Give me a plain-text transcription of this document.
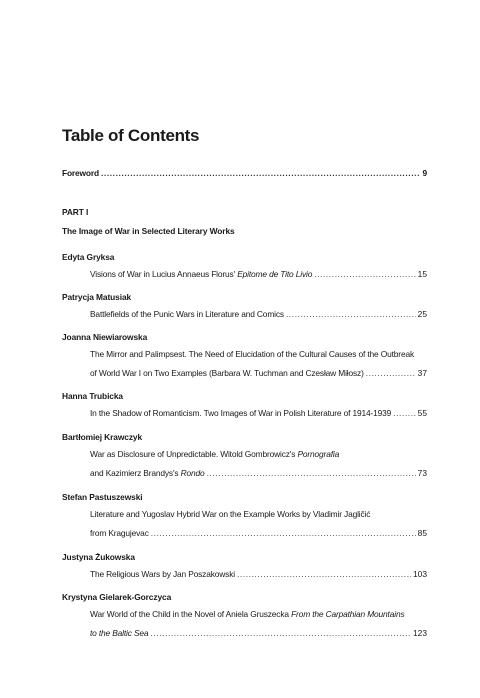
Table of Contents
Foreword .....	9
PART I
The Image of War in Selected Literary Works
Edyta Gryksa
Visions of War in Lucius Annaeus Florus' Epitome de Tito Livio .....	15
Patrycja Matusiak
Battlefields of the Punic Wars in Literature and Comics .....	25
Joanna Niewiarowska
The Mirror and Palimpsest. The Need of Elucidation of the Cultural Causes of the Outbreak
of World War I on Two Examples (Barbara W. Tuchman and Czesław Miłosz) .....	37
Hanna Trubicka
In the Shadow of Romanticism. Two Images of War in Polish Literature of 1914-1939 .....	55
Bartłomiej Krawczyk
War as Disclosure of Unpredictable. Witold Gombrowicz's Pornografia
and Kazimierz Brandys's Rondo .....	73
Stefan Pastuszewski
Literature and Yugoslav Hybrid War on the Example Works by Vladimir Jagličić
from Kragujevac .....	85
Justyna Żukowska
The Religious Wars by Jan Poszakowski .....	103
Krystyna Gielarek-Gorczyca
War World of the Child in the Novel of Aniela Gruszecka From the Carpathian Mountains
to the Baltic Sea .....	123
